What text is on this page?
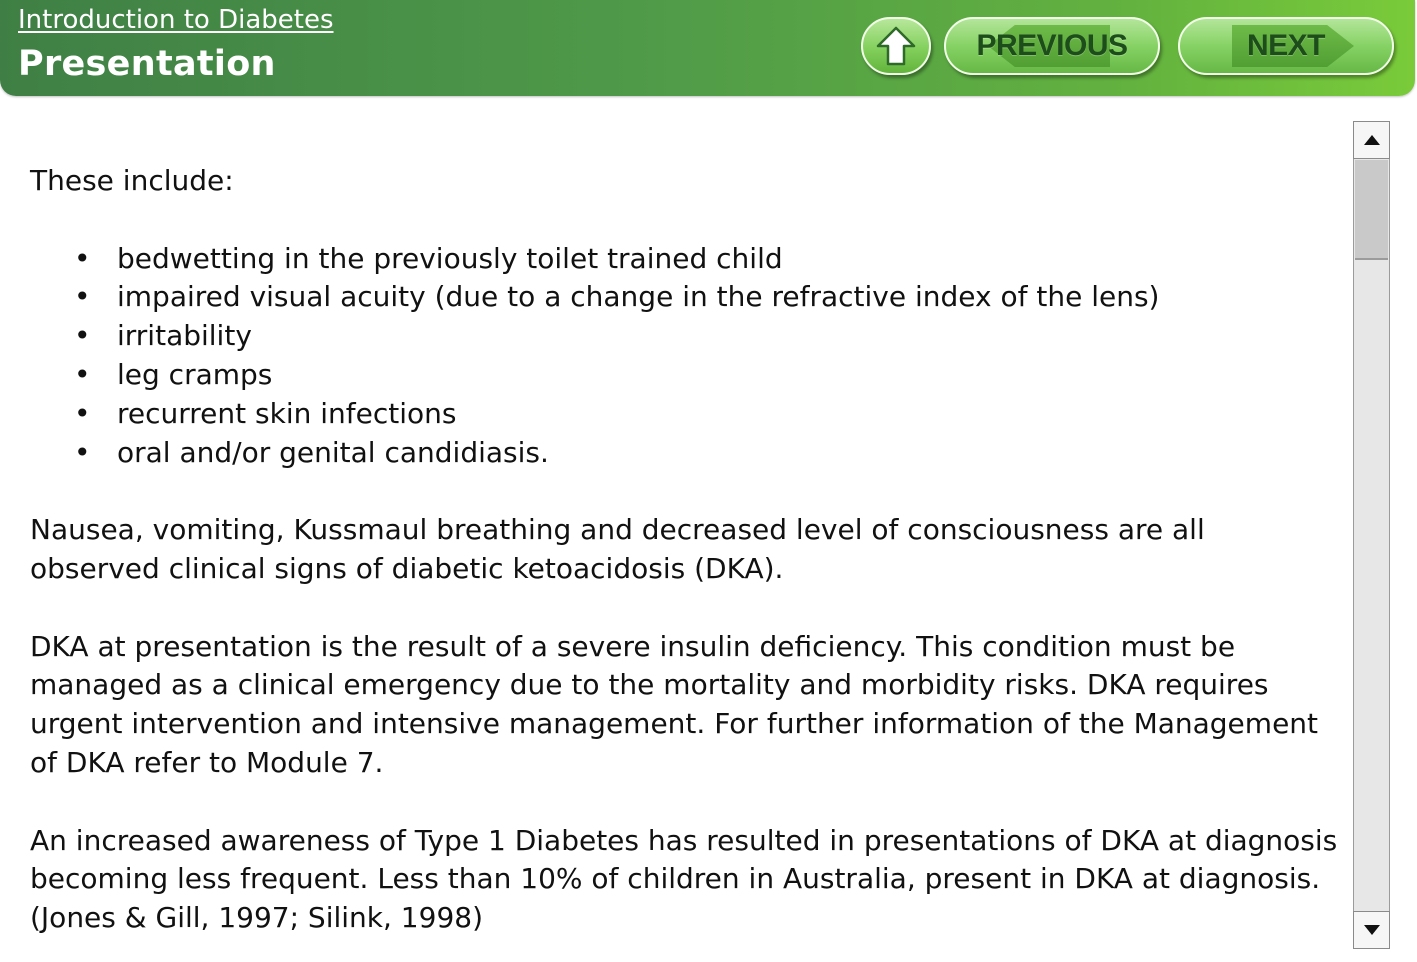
Introduction to Diabetes
Presentation	PREVIOUS	NEXT

These include:

• bedwetting in the previously toilet trained child
• impaired visual acuity (due to a change in the refractive index of the lens)
• irritability
• leg cramps
• recurrent skin infections
• oral and/or genital candidiasis.

Nausea, vomiting, Kussmaul breathing and decreased level of consciousness are all observed clinical signs of diabetic ketoacidosis (DKA).

DKA at presentation is the result of a severe insulin deficiency. This condition must be managed as a clinical emergency due to the mortality and morbidity risks. DKA requires urgent intervention and intensive management. For further information of the Management of DKA refer to Module 7.

An increased awareness of Type 1 Diabetes has resulted in presentations of DKA at diagnosis becoming less frequent. Less than 10% of children in Australia, present in DKA at diagnosis. (Jones & Gill, 1997; Silink, 1998)
